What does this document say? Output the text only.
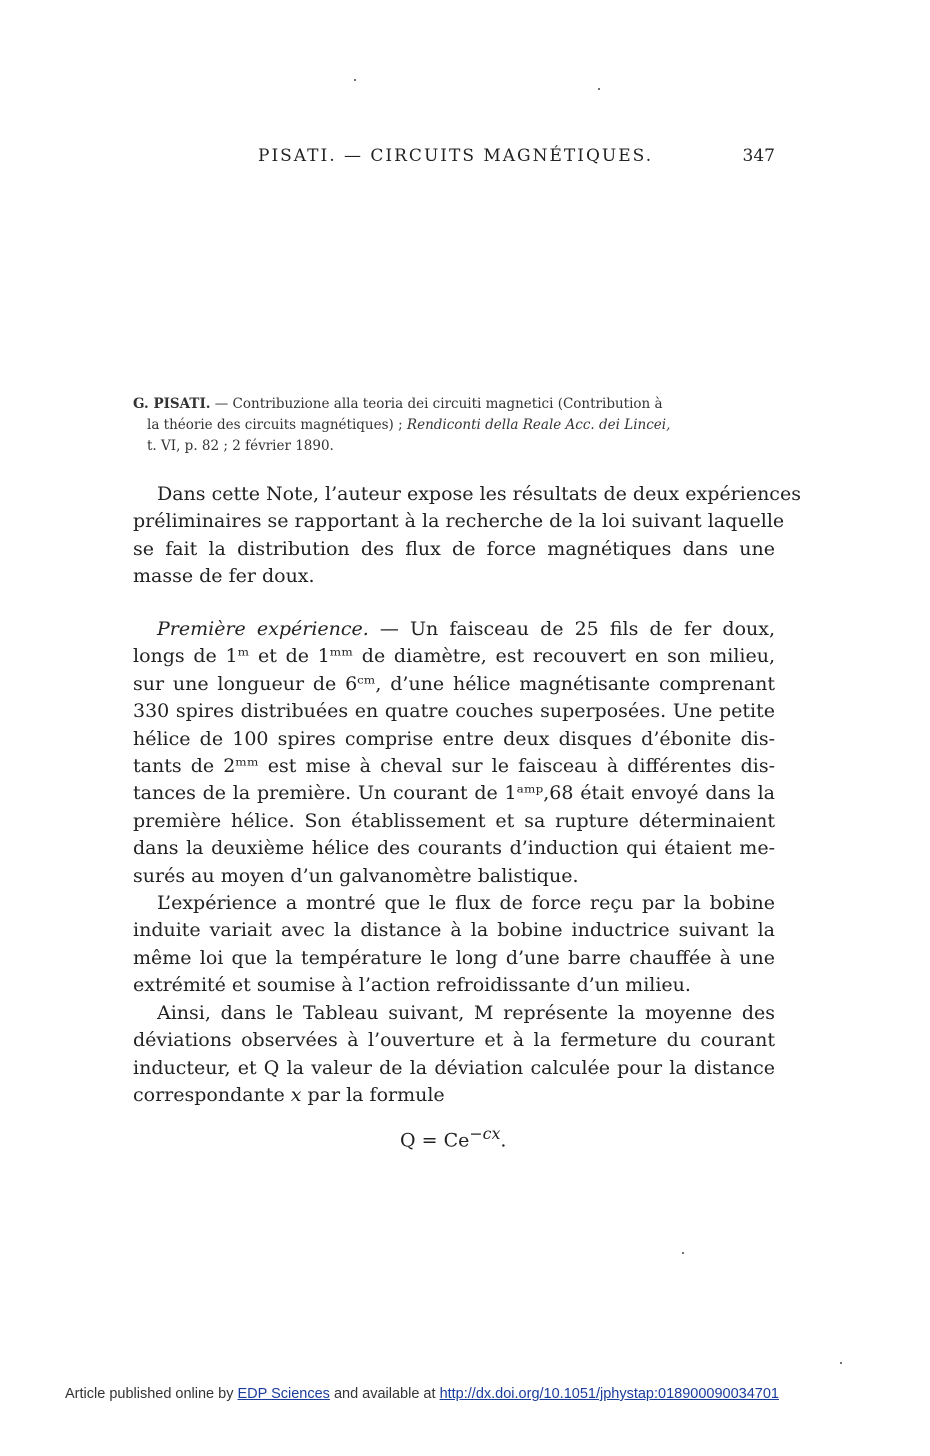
PISATI. — CIRCUITS MAGNÉTIQUES.	347
G. PISATI. — Contribuzione alla teoria dei circuiti magnetici (Contribution à
la théorie des circuits magnétiques) ; Rendiconti della Reale Acc. dei Lincei,
t. VI, p. 82 ; 2 février 1890.
Dans cette Note, l’auteur expose les résultats de deux expériences
préliminaires se rapportant à la recherche de la loi suivant laquelle
se fait la distribution des flux de force magnétiques dans une
masse de fer doux.
Première expérience. — Un faisceau de 25 fils de fer doux,
longs de 1ᵐ et de 1ᵐᵐ de diamètre, est recouvert en son milieu,
sur une longueur de 6ᶜᵐ, d’une hélice magnétisante comprenant
330 spires distribuées en quatre couches superposées. Une petite
hélice de 100 spires comprise entre deux disques d’ébonite dis-
tants de 2ᵐᵐ est mise à cheval sur le faisceau à différentes dis-
tances de la première. Un courant de 1ᵃᵐᵖ,68 était envoyé dans la
première hélice. Son établissement et sa rupture déterminaient
dans la deuxième hélice des courants d’induction qui étaient me-
surés au moyen d’un galvanomètre balistique.
L’expérience a montré que le flux de force reçu par la bobine
induite variait avec la distance à la bobine inductrice suivant la
même loi que la température le long d’une barre chauffée à une
extrémité et soumise à l’action refroidissante d’un milieu.
Ainsi, dans le Tableau suivant, M représente la moyenne des
déviations observées à l’ouverture et à la fermeture du courant
inducteur, et Q la valeur de la déviation calculée pour la distance
correspondante x par la formule
$Q = Ce^{-cx}$.
Article published online by EDP Sciences and available at http://dx.doi.org/10.1051/jphystap:018900090034701
